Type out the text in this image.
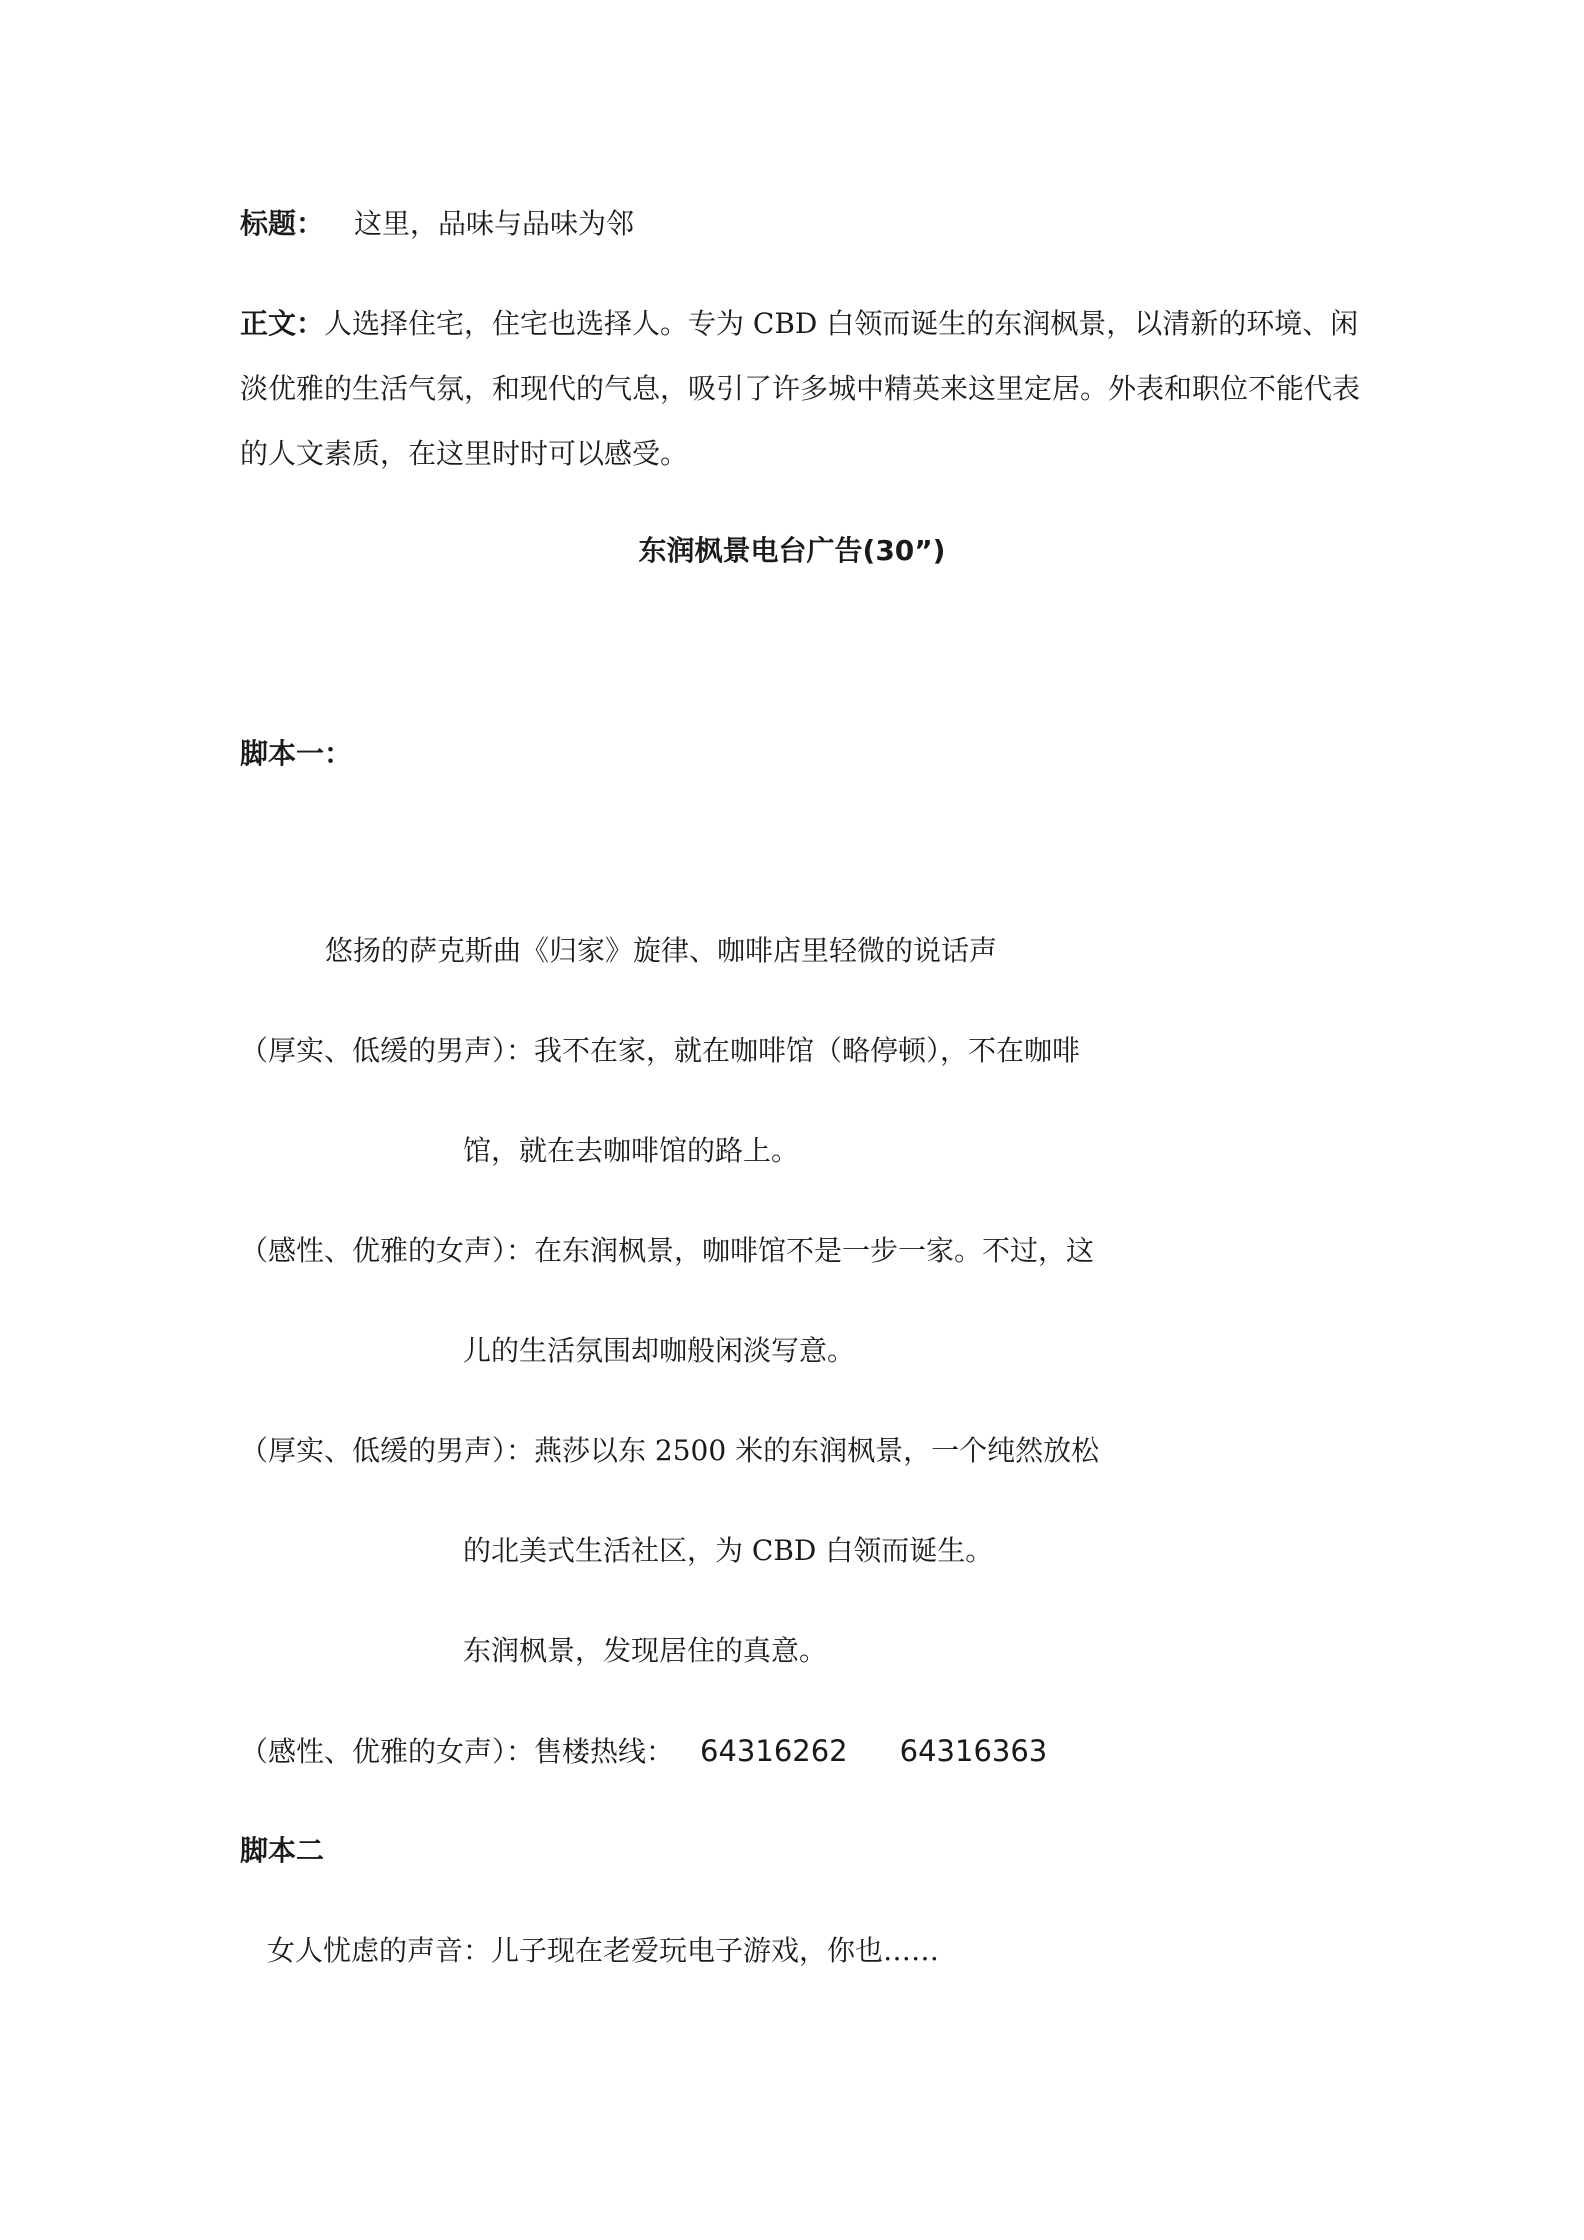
标题： 这里，品味与品味为邻
正文：人选择住宅，住宅也选择人。专为 CBD 白领而诞生的东润枫景，以清新的环境、闲
淡优雅的生活气氛，和现代的气息，吸引了许多城中精英来这里定居。外表和职位不能代表
的人文素质，在这里时时可以感受。
东润枫景电台广告(30”)
脚本一：
悠扬的萨克斯曲《归家》旋律、咖啡店里轻微的说话声
（厚实、低缓的男声）：我不在家，就在咖啡馆（略停顿），不在咖啡
馆，就在去咖啡馆的路上。
（感性、优雅的女声）：在东润枫景，咖啡馆不是一步一家。不过，这
儿的生活氛围却咖般闲淡写意。
（厚实、低缓的男声）：燕莎以东 2500 米的东润枫景，一个纯然放松
的北美式生活社区，为 CBD 白领而诞生。
东润枫景，发现居住的真意。
（感性、优雅的女声）：售楼热线： 64316262 64316363
脚本二
女人忧虑的声音：儿子现在老爱玩电子游戏，你也……
